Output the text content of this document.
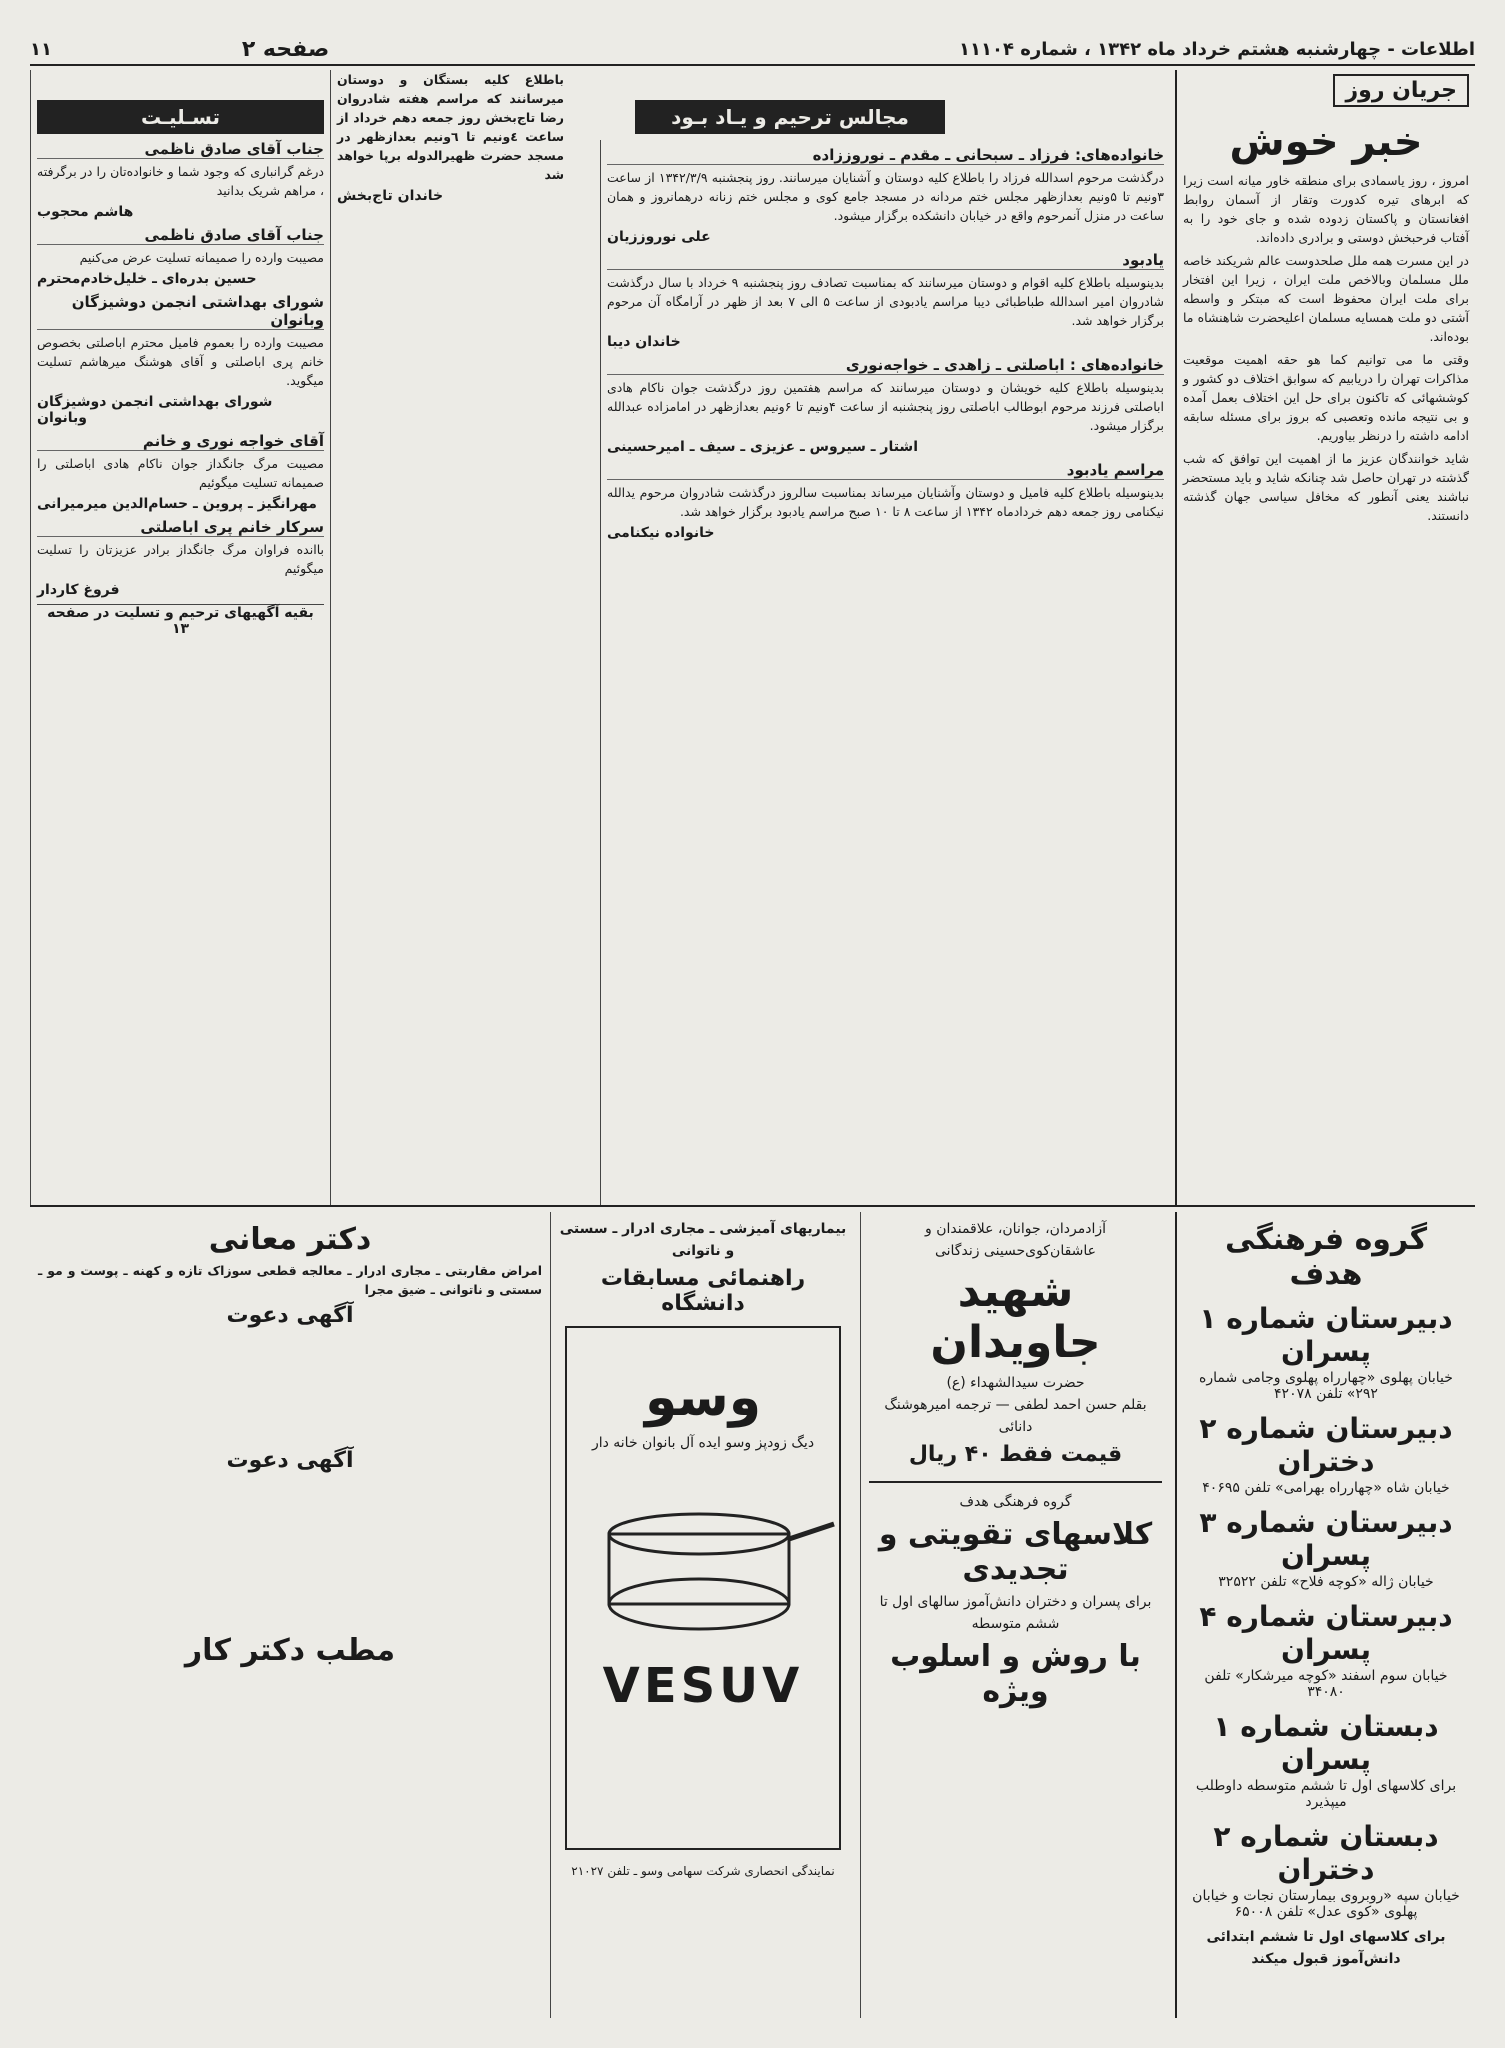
اطلاعات - چهارشنبه هشتم خرداد ماه ۱۳۴۲ ، شماره ۱۱۱۰۴
صفحه ۲
۱۱
جریان روز
خبر خوش

امروز ، روز یاسمادی برای منطقه خاور میانه است زیرا که ابرهای تیره کدورت وتقار از آسمان روابط افغانستان و پاکستان زدوده شده و جای خود را به آفتاب فرحبخش دوستی و برادری داده‌اند.

در این مسرت همه ملل صلحدوست عالم شریکند خاصه ملل مسلمان وبالاخص ملت ایران ، زیرا این افتخار برای ملت ایران محفوظ است که مبتکر و واسطه آشتی دو ملت همسایه مسلمان اعلیحضرت شاهنشاه ما بوده‌اند.

وقتی ما می توانیم کما هو حقه اهمیت موقعیت مذاکرات تهران را دریابیم که سوابق اختلاف دو کشور و کوششهائی که تاکنون برای حل این اختلاف بعمل آمده و بی نتیجه مانده وتعصبی که بروز برای مسئله سابقه ادامه داشته را درنظر بیاوریم.

شاید خوانندگان عزیز ما از اهمیت این توافق که شب گذشته در تهران حاصل شد چنانکه شاید و باید مستحضر نباشند یعنی آنطور که مخافل سیاسی جهان گذشته دانستند.

مجالس ترحیم و یـاد بـود
خانواده‌های: فرزاد ـ سبحانی ـ مقدم ـ نوروززاده

درگذشت مرحوم اسدالله فرزاد را باطلاع کلیه دوستان و آشنایان میرسانند. روز پنجشنبه ۱۳۴۲/۳/۹ از ساعت ۳ونیم تا ۵ونیم بعدازظهر مجلس ختم مردانه در مسجد جامع کوی و مجلس ختم زنانه درهمانروز و همان ساعت در منزل آنمرحوم واقع در خیابان دانشکده برگزار میشود.

علی نوروززیان
یادبود

بدینوسیله باطلاع کلیه اقوام و دوستان میرسانند که بمناسبت تصادف روز پنجشنبه ۹ خرداد با سال درگذشت شادروان امیر اسدالله طباطبائی دیبا مراسم یادبودی از ساعت ۵ الی ۷ بعد از ظهر در آرامگاه آن مرحوم برگزار خواهد شد.

خاندان دیبا
خانواده‌های : اباصلتی ـ زاهدی ـ خواجه‌نوری

بدینوسیله باطلاع کلیه خویشان و دوستان میرسانند که مراسم هفتمین روز درگذشت جوان ناکام هادی اباصلتی فرزند مرحوم ابوطالب اباصلتی روز پنجشنبه از ساعت ۴ونیم تا ۶ونیم بعدازظهر در امامزاده عبدالله برگزار میشود.

اشتار ـ سیروس ـ عزیزی ـ سیف ـ امیرحسینی
مراسم یادبود

بدینوسیله باطلاع کلیه فامیل و دوستان وآشنایان میرساند بمناسبت سالروز درگذشت شادروان مرحوم یدالله نیکنامی روز جمعه دهم خردادماه ۱۳۴۲ از ساعت ۸ تا ۱۰ صبح مراسم یادبود برگزار خواهد شد.

خانواده نیکنامی
تسـلیـت
جناب آقای صادق ناظمی

درغم گرانباری که وجود شما و خانواده‌تان را در برگرفته ، مراهم شریک بدانید

هاشم محجوب
جناب آقای صادق ناظمی

مصیبت وارده را صمیمانه تسلیت عرض می‌کنیم

حسین بدره‌ای ـ خلیل‌خادم‌محترم
شورای بهداشتی انجمن دوشیزگان وبانوان

مصیبت وارده را بعموم فامیل محترم اباصلتی بخصوص خانم پری اباصلتی و آقای هوشنگ میرهاشم تسلیت میگوید.

شورای بهداشتی انجمن دوشیزگان وبانوان
آقای خواجه نوری و خانم

مصیبت مرگ جانگداز جوان ناکام هادی اباصلتی را صمیمانه تسلیت میگوئیم

مهرانگیز ـ پروین ـ حسام‌الدین میرمیرانی
سرکار خانم پری اباصلتی

باانده فراوان مرگ جانگداز برادر عزیزتان را تسلیت میگوئیم

فروغ کاردار
بقیه آگهیهای ترحیم و تسلیت در صفحه ۱۳

باطلاع کلیه بستگان و دوستان میرسانند که مراسم هفته شادروان رضا تاج‌بخش روز جمعه دهم خرداد از ساعت ٤ونیم تا ٦ونیم بعدازظهر در مسجد حضرت ظهیرالدوله برپا خواهد شد

خاندان تاج‌بخش
گروه فرهنگی هدف
دبیرستان شماره ۱ پسران
خیابان پهلوی «چهارراه پهلوی وجامی شماره ۲۹۲» تلفن ۴۲۰۷۸
دبیرستان شماره ۲ دختران
خیابان شاه «چهارراه بهرامی» تلفن ۴۰۶۹۵
دبیرستان شماره ۳ پسران
خیابان ژاله «کوچه فلاح» تلفن ۳۲۵۲۲
دبیرستان شماره ۴ پسران
خیابان سوم اسفند «کوچه میرشکار» تلفن ۳۴۰۸۰
دبستان شماره ۱ پسران
برای کلاسهای اول تا ششم متوسطه داوطلب میپذیرد
دبستان شماره ۲ دختران
خیابان سپه «روبروی بیمارستان نجات و خیابان پهلوی «کوی عدل» تلفن ۶۵۰۰۸
برای کلاسهای اول تا ششم ابتدائی دانش‌آموز قبول میکند
آزادمردان، جوانان، علاقمندان و عاشقان‌کوی‌حسینی زندگانی
شهید جاویدان
حضرت سیدالشهداء (ع)
بقلم حسن احمد لطفی — ترجمه امیرهوشنگ دانائی
قیمت فقط ۴۰ ریال
گروه فرهنگی هدف
کلاسهای تقویتی و تجدیدی
برای پسران و دختران دانش‌آموز سالهای اول تا ششم متوسطه
با روش و اسلوب ویژه
بیماریهای آمیزشی ـ مجاری ادرار ـ سستی و ناتوانی
راهنمائی مسابقات دانشگاه
وسو
دیگ زودپز وسو ایده آل بانوان خانه دار
VESUV
نمایندگی انحصاری شرکت سهامی وسو ـ تلفن ۲۱۰۲۷
دکتر معانی

امراض مقاربتی ـ مجاری ادرار ـ معالجه قطعی سوزاک تازه و کهنه ـ پوست و مو ـ سستی و ناتوانی ـ ضیق مجرا

آگهی دعوت
آگهی دعوت
مطب دکتر کار
